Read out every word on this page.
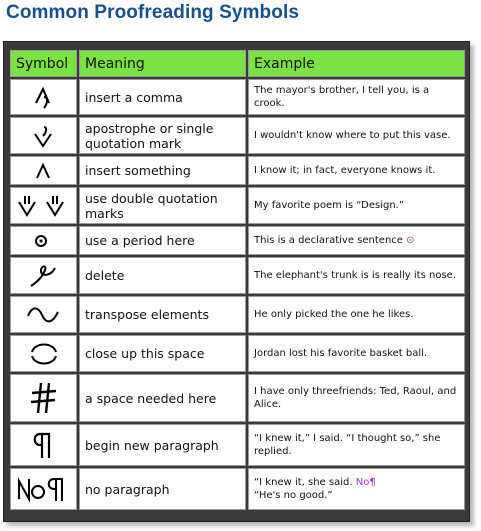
Common Proofreading Symbols
Symbol	Meaning	Example

	insert a comma	The mayor's brother, I tell you, is a crook.

	apostrophe or single quotation mark	I wouldn't know where to put this vase.

	insert something	I know it; in fact, everyone knows it.

	use double quotation marks	My favorite poem is “Design.”

	use a period here	This is a declarative sentence ⊙

	delete	The elephant's trunk is is really its nose.

	transpose elements	He only picked the one he likes.

	close up this space	Jordan lost his favorite basket ball.

	a space needed here	I have only threefriends: Ted, Raoul, and Alice.

	begin new paragraph	“I knew it,” I said. “I thought so,” she replied.

	no paragraph	“I knew it, she said. No¶
“He's no good.”
